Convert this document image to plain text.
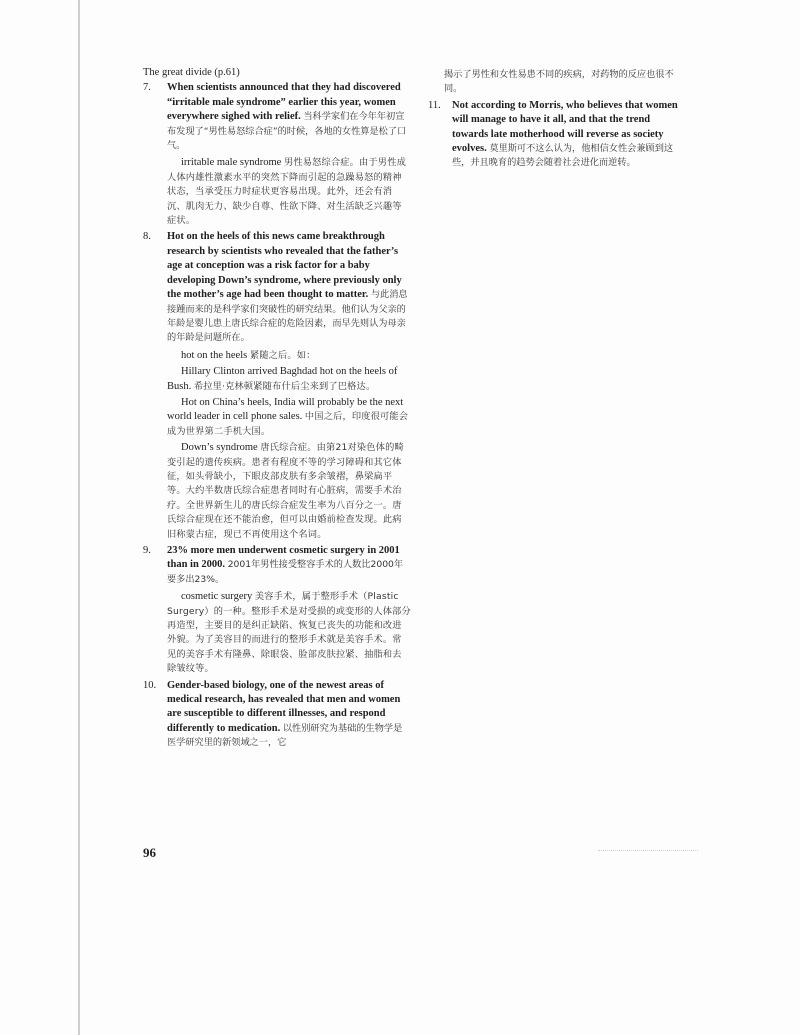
The great divide (p.61)
7. When scientists announced that they had discovered “irritable male syndrome” earlier this year, women everywhere sighed with relief. 当科学家们在今年年初宣布发现了“男性易怒综合症”的时候，各地的女性算是松了口气。
irritable male syndrome 男性易怒综合症。由于男性成人体内雄性激素水平的突然下降而引起的急躁易怒的精神状态，当承受压力时症状更容易出现。此外，还会有消沉、肌肉无力、缺少自尊、性欲下降、对生活缺乏兴趣等症状。
8. Hot on the heels of this news came breakthrough research by scientists who revealed that the father’s age at conception was a risk factor for a baby developing Down’s syndrome, where previously only the mother’s age had been thought to matter. 与此消息接踵而来的是科学家们突破性的研究结果。他们认为父亲的年龄是婴儿患上唐氏综合症的危险因素，而早先则认为母亲的年龄是问题所在。
hot on the heels 紧随之后。如：
Hillary Clinton arrived Baghdad hot on the heels of Bush. 希拉里·克林顿紧随布什后尘来到了巴格达。
Hot on China’s heels, India will probably be the next world leader in cell phone sales. 中国之后，印度很可能会成为世界第二手机大国。
Down’s syndrome 唐氏综合症。由第21对染色体的畸变引起的遗传疾病。患者有程度不等的学习障碍和其它体征，如头骨缺小，下眼皮部皮肤有多余皱褶，鼻梁扁平等。大约半数唐氏综合症患者同时有心脏病，需要手术治疗。全世界新生儿的唐氏综合症发生率为八百分之一。唐氏综合症现在还不能治愈，但可以由婚前检查发现。此病旧称蒙古症，现已不再使用这个名词。
9. 23% more men underwent cosmetic surgery in 2001 than in 2000. 2001年男性接受整容手术的人数比2000年要多出23%。
cosmetic surgery 美容手术，属于整形手术（Plastic Surgery）的一种。整形手术是对受损的或变形的人体部分再造型，主要目的是纠正缺陷、恢复已丧失的功能和改进外貌。为了美容目的而进行的整形手术就是美容手术。常见的美容手术有隆鼻、除眼袋、脸部皮肤拉紧、抽脂和去除皱纹等。
10. Gender-based biology, one of the newest areas of medical research, has revealed that men and women are susceptible to different illnesses, and respond differently to medication. 以性别研究为基础的生物学是医学研究里的新领域之一，它
揭示了男性和女性易患不同的疾病，对药物的反应也很不同。
11. Not according to Morris, who believes that women will manage to have it all, and that the trend towards late motherhood will reverse as society evolves. 莫里斯可不这么认为，他相信女性会兼顾到这些，并且晚育的趋势会随着社会进化而逆转。
96
